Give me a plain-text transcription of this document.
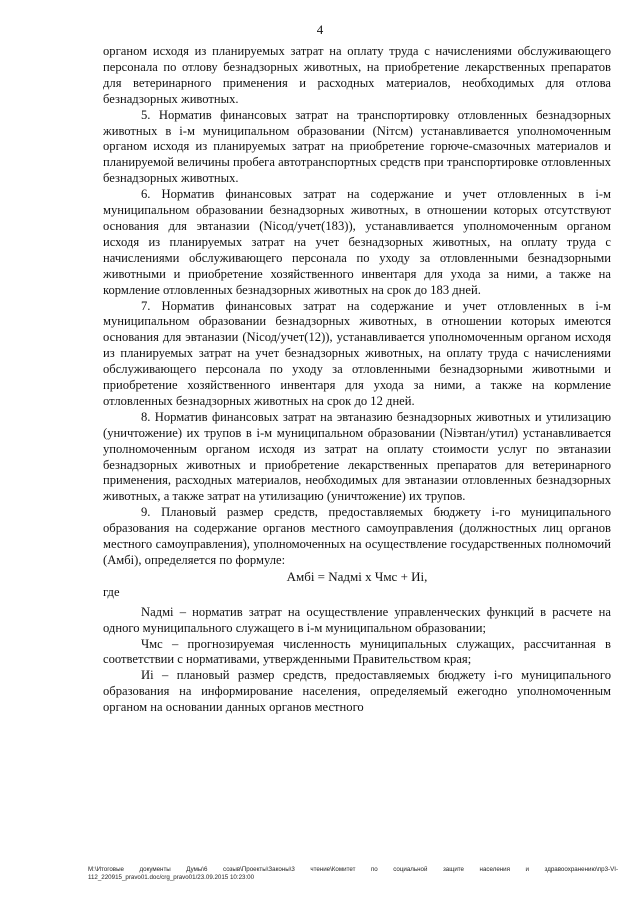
4

органом исходя из планируемых затрат на оплату труда с начислениями обслуживающего персонала по отлову безнадзорных животных, на приобретение лекарственных препаратов для ветеринарного применения и расходных материалов, необходимых для отлова безнадзорных животных.

5. Норматив финансовых затрат на транспортировку отловленных безнадзорных животных в i-м муниципальном образовании (Nітсм) устанавливается уполномоченным органом исходя из планируемых затрат на приобретение горюче-смазочных материалов и планируемой величины пробега автотранспортных средств при транспортировке отловленных безнадзорных животных.

6. Норматив финансовых затрат на содержание и учет отловленных в i-м муниципальном образовании безнадзорных животных, в отношении которых отсутствуют основания для эвтаназии (Nісод/учет(183)), устанавливается уполномоченным органом исходя из планируемых затрат на учет безнадзорных животных, на оплату труда с начислениями обслуживающего персонала по уходу за отловленными безнадзорными животными и приобретение хозяйственного инвентаря для ухода за ними, а также на кормление отловленных безнадзорных животных на срок до 183 дней.

7. Норматив финансовых затрат на содержание и учет отловленных в i-м муниципальном образовании безнадзорных животных, в отношении которых имеются основания для эвтаназии (Nісод/учет(12)), устанавливается уполномоченным органом исходя из планируемых затрат на учет безнадзорных животных, на оплату труда с начислениями обслуживающего персонала по уходу за отловленными безнадзорными животными и приобретение хозяйственного инвентаря для ухода за ними, а также на кормление отловленных безнадзорных животных на срок до 12 дней.

8. Норматив финансовых затрат на эвтаназию безнадзорных животных и утилизацию (уничтожение) их трупов в i-м муниципальном образовании (Nіэвтан/утил) устанавливается уполномоченным органом исходя из затрат на оплату стоимости услуг по эвтаназии безнадзорных животных и приобретение лекарственных препаратов для ветеринарного применения, расходных материалов, необходимых для эвтаназии отловленных безнадзорных животных, а также затрат на утилизацию (уничтожение) их трупов.

9. Плановый размер средств, предоставляемых бюджету i-го муниципального образования на содержание органов местного самоуправления (должностных лиц органов местного самоуправления), уполномоченных на осуществление государственных полномочий (Aмбі), определяется по формуле:

Aмбі = Nадмі x Чмс + Иі,

где

Nадмі – норматив затрат на осуществление управленческих функций в расчете на одного муниципального служащего в i-м муниципальном образовании;

Чмс – прогнозируемая численность муниципальных служащих, рассчитанная в соответствии с нормативами, утвержденными Правительством края;

Иі – плановый размер средств, предоставляемых бюджету i-го муниципального образования на информирование населения, определяемый ежегодно уполномоченным органом на основании данных органов местного

M:\Итоговые документы Думы\6 созыв\Проекты\Законы\3 чтение\Комитет по социальной защите населения и здравоохранению\пр3-VI-112_220915_pravo01.doc/crg_pravo01/23.09.2015 10:23:00
